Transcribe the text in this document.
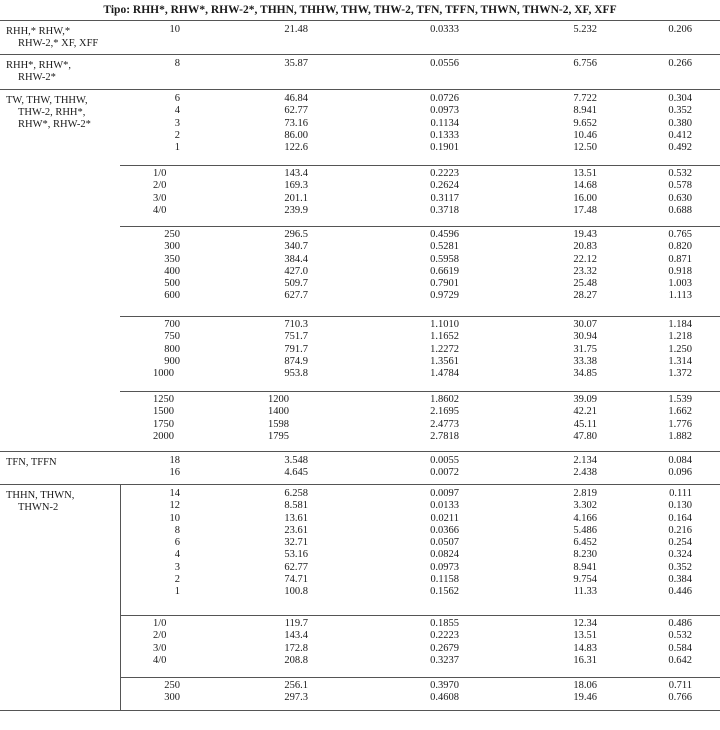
Tipo: RHH*, RHW*, RHW-2*, THHN, THHW, THW, THW-2, TFN, TFFN, THWN, THWN-2, XF, XFF
RHH,* RHW,*
RHW-2,* XF, XFF
10	21.48	0.0333	5.232	0.206
RHH*, RHW*,
RHW-2*
8	35.87	0.0556	6.756	0.266
TW, THW, THHW,
THW-2, RHH*,
RHW*, RHW-2*
6	46.84	0.0726	7.722	0.304
4	62.77	0.0973	8.941	0.352
3	73.16	0.1134	9.652	0.380
2	86.00	0.1333	10.46	0.412
1	122.6	0.1901	12.50	0.492
1/0	143.4	0.2223	13.51	0.532
2/0	169.3	0.2624	14.68	0.578
3/0	201.1	0.3117	16.00	0.630
4/0	239.9	0.3718	17.48	0.688
250	296.5	0.4596	19.43	0.765
300	340.7	0.5281	20.83	0.820
350	384.4	0.5958	22.12	0.871
400	427.0	0.6619	23.32	0.918
500	509.7	0.7901	25.48	1.003
600	627.7	0.9729	28.27	1.113
700	710.3	1.1010	30.07	1.184
750	751.7	1.1652	30.94	1.218
800	791.7	1.2272	31.75	1.250
900	874.9	1.3561	33.38	1.314
1000	953.8	1.4784	34.85	1.372
1250	1200	1.8602	39.09	1.539
1500	1400	2.1695	42.21	1.662
1750	1598	2.4773	45.11	1.776
2000	1795	2.7818	47.80	1.882
TFN, TFFN	18	3.548	0.0055	2.134	0.084
16	4.645	0.0072	2.438	0.096
THHN, THWN,
THWN-2
14	6.258	0.0097	2.819	0.111
12	8.581	0.0133	3.302	0.130
10	13.61	0.0211	4.166	0.164
8	23.61	0.0366	5.486	0.216
6	32.71	0.0507	6.452	0.254
4	53.16	0.0824	8.230	0.324
3	62.77	0.0973	8.941	0.352
2	74.71	0.1158	9.754	0.384
1	100.8	0.1562	11.33	0.446
1/0	119.7	0.1855	12.34	0.486
2/0	143.4	0.2223	13.51	0.532
3/0	172.8	0.2679	14.83	0.584
4/0	208.8	0.3237	16.31	0.642
250	256.1	0.3970	18.06	0.711
300	297.3	0.4608	19.46	0.766
